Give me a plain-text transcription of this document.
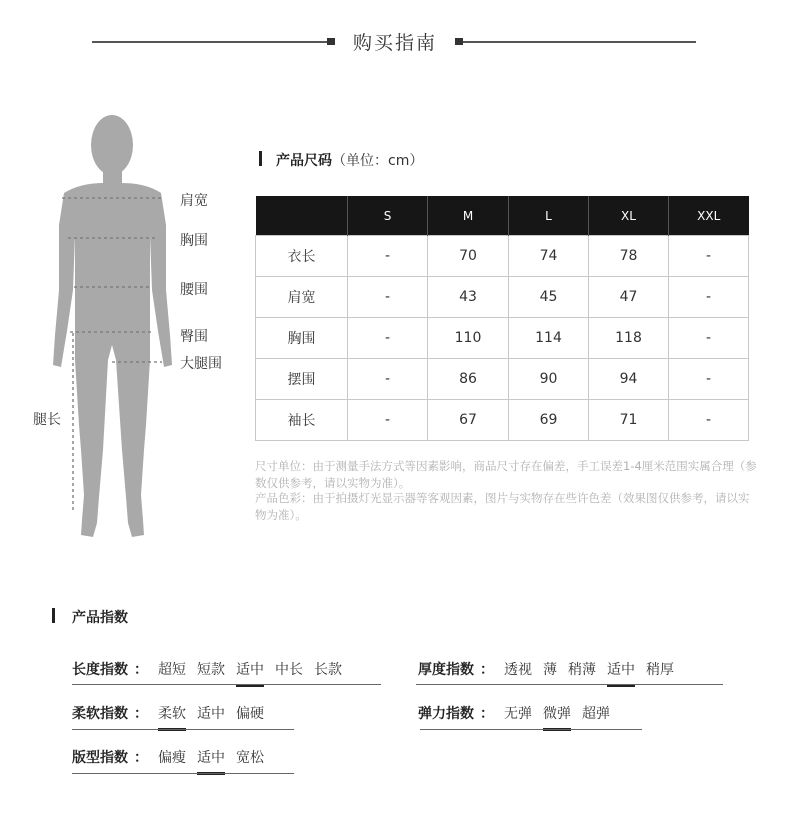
购买指南
肩宽
胸围
腰围
臀围
大腿围
腿长
产品尺码（单位：cm）
	S	M	L	XL	XXL
衣长	-	70	74	78	-
肩宽	-	43	45	47	-
胸围	-	110	114	118	-
摆围	-	86	90	94	-
袖长	-	67	69	71	-
尺寸单位：由于测量手法方式等因素影响，商品尺寸存在偏差，手工误差1-4厘米范围实属合理（参数仅供参考，请以实物为准）。
产品色彩：由于拍摄灯光显示器等客观因素，图片与实物存在些许色差（效果图仅供参考，请以实物为准）。
产品指数
长度指数 ： 超短 短款 适中 中长 长款	厚度指数 ： 透视 薄 稍薄 适中 稍厚
柔软指数 ： 柔软 适中 偏硬	弹力指数 ： 无弹 微弹 超弹
版型指数 ： 偏瘦 适中 宽松
